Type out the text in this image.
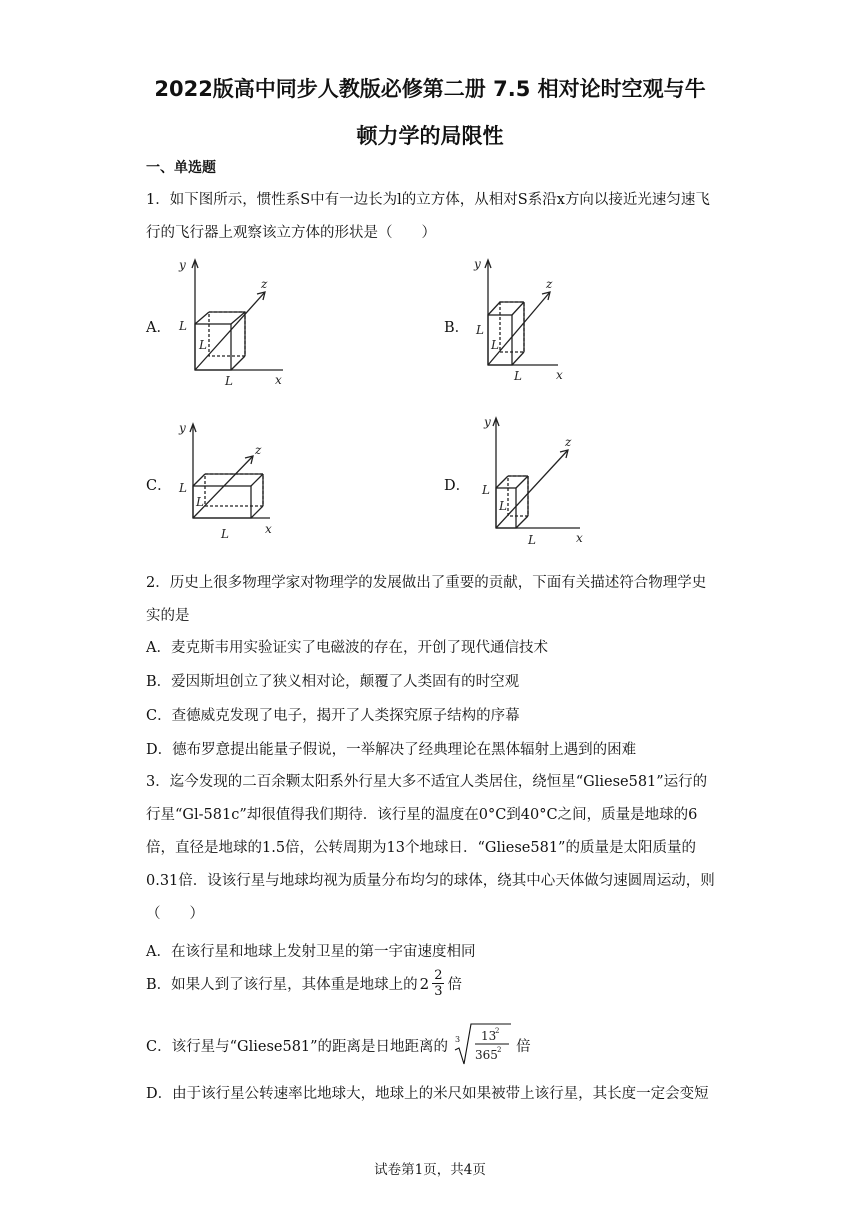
2022版高中同步人教版必修第二册 7.5 相对论时空观与牛
顿力学的局限性
一、单选题
1．如下图所示，惯性系S中有一边长为l的立方体，从相对S系沿x方向以接近光速匀速飞行的飞行器上观察该立方体的形状是（　　）
A．
y
x
z
L
L
L
B．
y
x
z
L
L
L
C．
y
x
z
L
L
L
D．
y
x
z
L
L
L
2．历史上很多物理学家对物理学的发展做出了重要的贡献，下面有关描述符合物理学史实的是
A．麦克斯韦用实验证实了电磁波的存在，开创了现代通信技术
B．爱因斯坦创立了狭义相对论，颠覆了人类固有的时空观
C．查德威克发现了电子，揭开了人类探究原子结构的序幕
D．德布罗意提出能量子假说，一举解决了经典理论在黑体辐射上遇到的困难
3．迄今发现的二百余颗太阳系外行星大多不适宜人类居住，绕恒星“Gliese581”运行的行星“Gl-581c”却很值得我们期待．该行星的温度在0°C到40°C之间，质量是地球的6倍，直径是地球的1.5倍，公转周期为13个地球日．“Gliese581”的质量是太阳质量的0.31倍．设该行星与地球均视为质量分布均匀的球体，绕其中心天体做匀速圆周运动，则（　　）
A．在该行星和地球上发射卫星的第一宇宙速度相同
B．如果人到了该行星，其体重是地球上的 $2 \frac{2}{3}$ 倍
C．该行星与“Gliese581”的距离是日地距离的 3 13
2
365 2 倍
D．由于该行星公转速率比地球大，地球上的米尺如果被带上该行星，其长度一定会变短
试卷第1页，共4页
